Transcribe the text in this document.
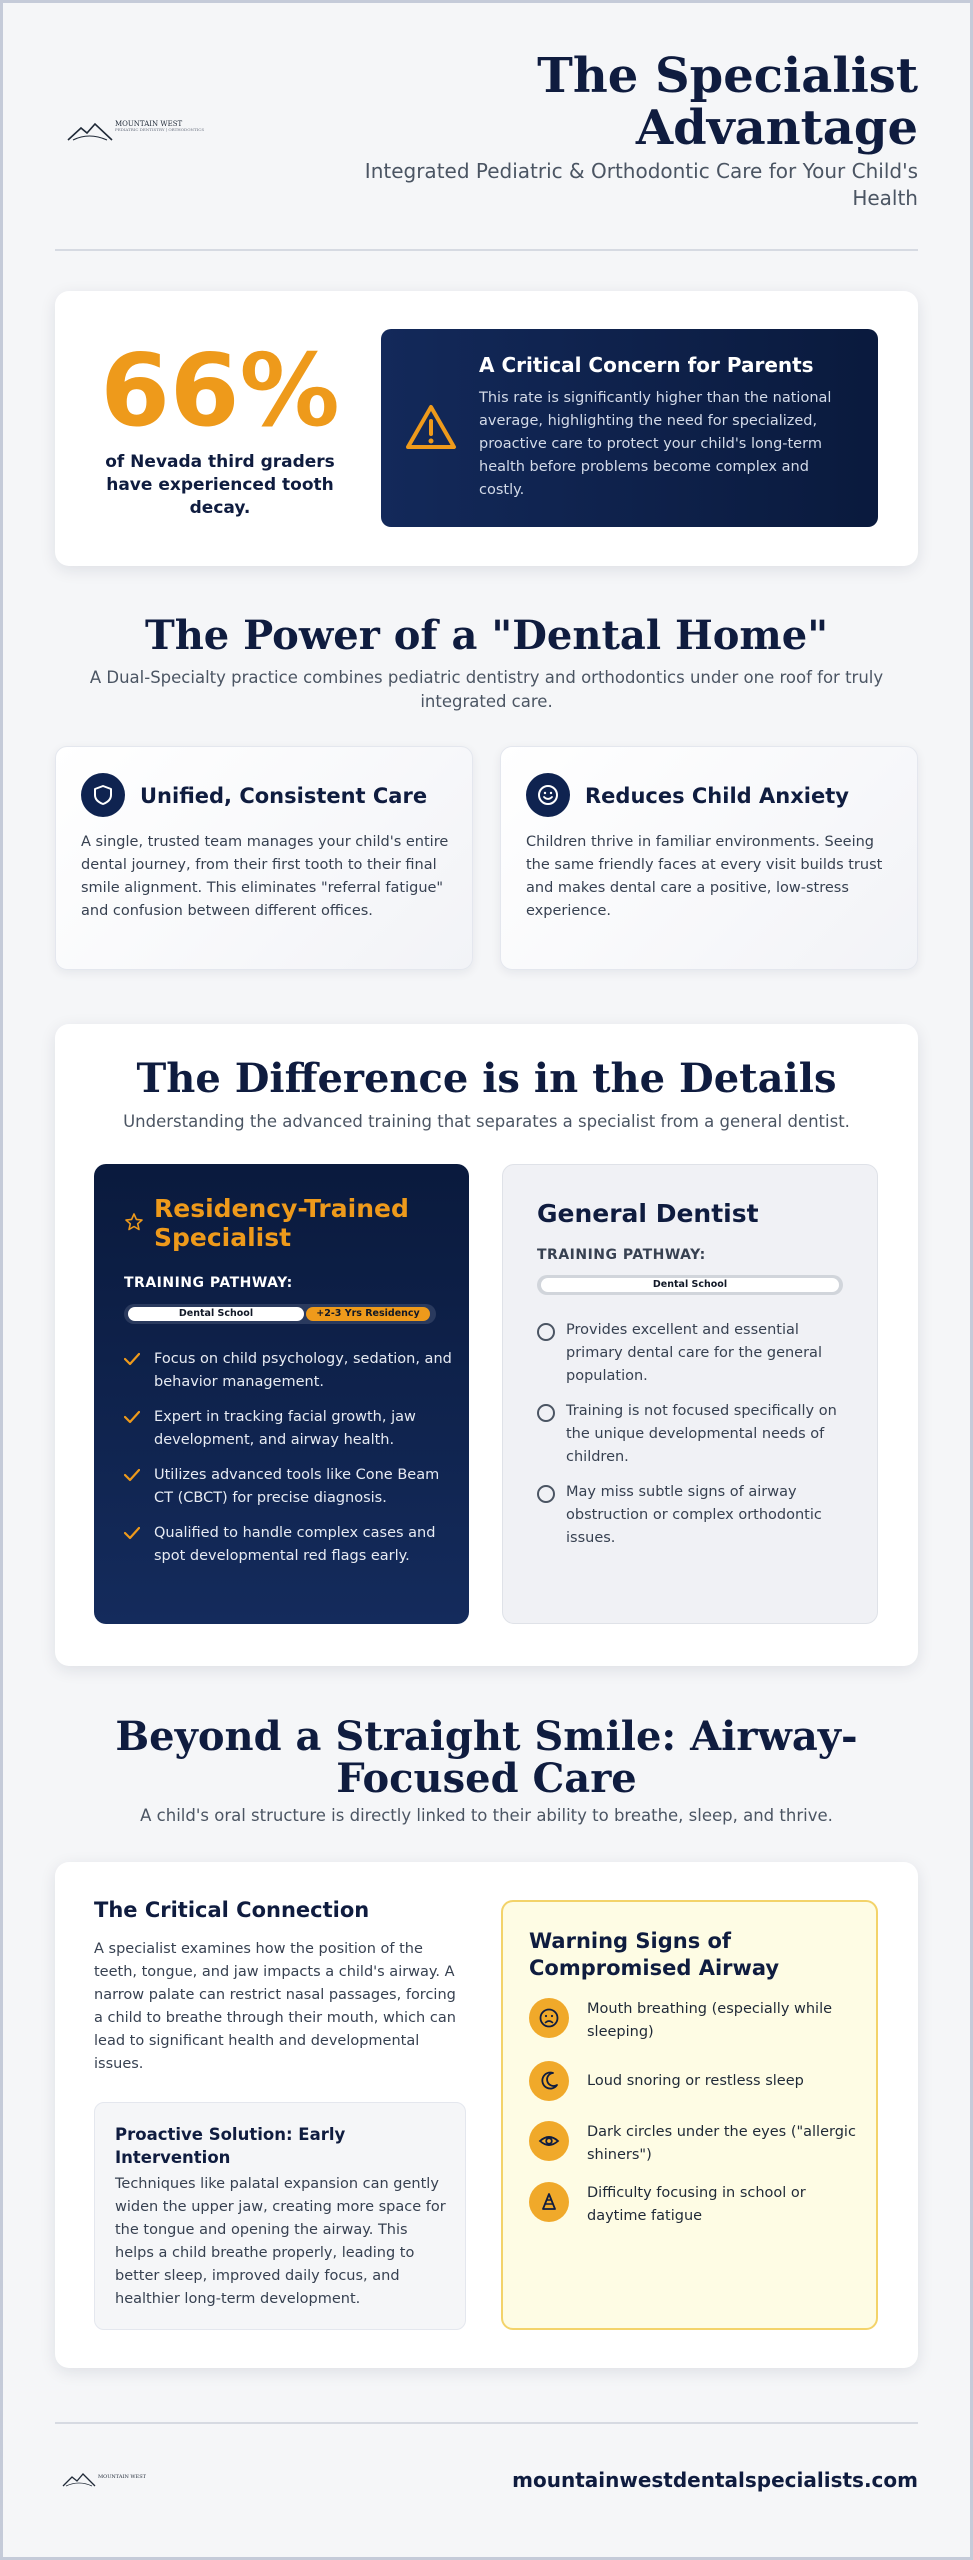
MOUNTAIN WEST
PEDIATRIC DENTISTRY | ORTHODONTICS
The Specialist Advantage
Integrated Pediatric & Orthodontic Care for Your Child's Health
66%
of Nevada third graders have experienced tooth decay.
A Critical Concern for Parents
This rate is significantly higher than the national average, highlighting the need for specialized, proactive care to protect your child's long-term health before problems become complex and costly.
The Power of a "Dental Home"
A Dual-Specialty practice combines pediatric dentistry and orthodontics under one roof for truly integrated care.
Unified, Consistent Care
A single, trusted team manages your child's entire dental journey, from their first tooth to their final smile alignment. This eliminates "referral fatigue" and confusion between different offices.
Reduces Child Anxiety
Children thrive in familiar environments. Seeing the same friendly faces at every visit builds trust and makes dental care a positive, low-stress experience.
The Difference is in the Details
Understanding the advanced training that separates a specialist from a general dentist.
Residency-Trained Specialist
TRAINING PATHWAY:
Dental School	+2-3 Yrs Residency
Focus on child psychology, sedation, and behavior management.
Expert in tracking facial growth, jaw development, and airway health.
Utilizes advanced tools like Cone Beam CT (CBCT) for precise diagnosis.
Qualified to handle complex cases and spot developmental red flags early.
General Dentist
TRAINING PATHWAY:
Dental School
Provides excellent and essential primary dental care for the general population.
Training is not focused specifically on the unique developmental needs of children.
May miss subtle signs of airway obstruction or complex orthodontic issues.
Beyond a Straight Smile: Airway-Focused Care
A child's oral structure is directly linked to their ability to breathe, sleep, and thrive.
The Critical Connection
A specialist examines how the position of the teeth, tongue, and jaw impacts a child's airway. A narrow palate can restrict nasal passages, forcing a child to breathe through their mouth, which can lead to significant health and developmental issues.
Proactive Solution: Early Intervention
Techniques like palatal expansion can gently widen the upper jaw, creating more space for the tongue and opening the airway. This helps a child breathe properly, leading to better sleep, improved daily focus, and healthier long-term development.
Warning Signs of Compromised Airway
Mouth breathing (especially while sleeping)
Loud snoring or restless sleep
Dark circles under the eyes ("allergic shiners")
Difficulty focusing in school or daytime fatigue
MOUNTAIN WEST	mountainwestdentalspecialists.com
